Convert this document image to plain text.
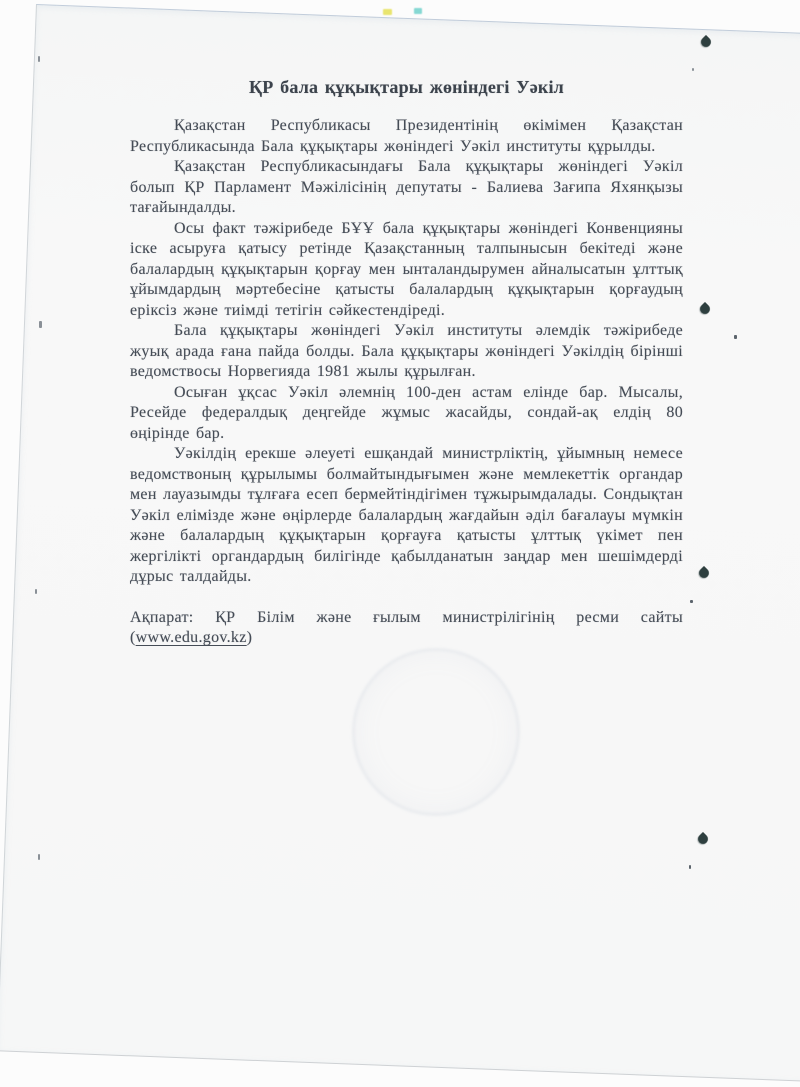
ҚР бала құқықтары жөніндегі Уәкіл

Қазақстан Республикасы Президентінің өкімімен Қазақстан Республикасында Бала құқықтары жөніндегі Уәкіл институты құрылды.

Қазақстан Республикасындағы Бала құқықтары жөніндегі Уәкіл болып ҚР Парламент Мәжілісінің депутаты - Балиева Зағипа Яхянқызы тағайындалды.

Осы факт тәжірибеде БҰҰ бала құқықтары жөніндегі Конвенцияны іске асыруға қатысу ретінде Қазақстанның талпынысын бекітеді және балалардың құқықтарын қорғау мен ынталандырумен айналысатын ұлттық ұйымдардың мәртебесіне қатысты балалардың құқықтарын қорғаудың еріксіз және тиімді тетігін сәйкестендіреді.

Бала құқықтары жөніндегі Уәкіл институты әлемдік тәжірибеде жуық арада ғана пайда болды. Бала құқықтары жөніндегі Уәкілдің бірінші ведомствосы Норвегияда 1981 жылы құрылған.

Осыған ұқсас Уәкіл әлемнің 100-ден астам елінде бар. Мысалы, Ресейде федералдық деңгейде жұмыс жасайды, сондай-ақ елдің 80 өңірінде бар.

Уәкілдің ерекше әлеуеті ешқандай министрліктің, ұйымның немесе ведомствоның құрылымы болмайтындығымен және мемлекеттік органдар мен лауазымды тұлғаға есеп бермейтіндігімен тұжырымдалады. Сондықтан Уәкіл елімізде және өңірлерде балалардың жағдайын әділ бағалауы мүмкін және балалардың құқықтарын қорғауға қатысты ұлттық үкімет пен жергілікті органдардың билігінде қабылданатын заңдар мен шешімдерді дұрыс талдайды.

Ақпарат: ҚР Білім және ғылым министрілігінің ресми сайты
(www.edu.gov.kz)
